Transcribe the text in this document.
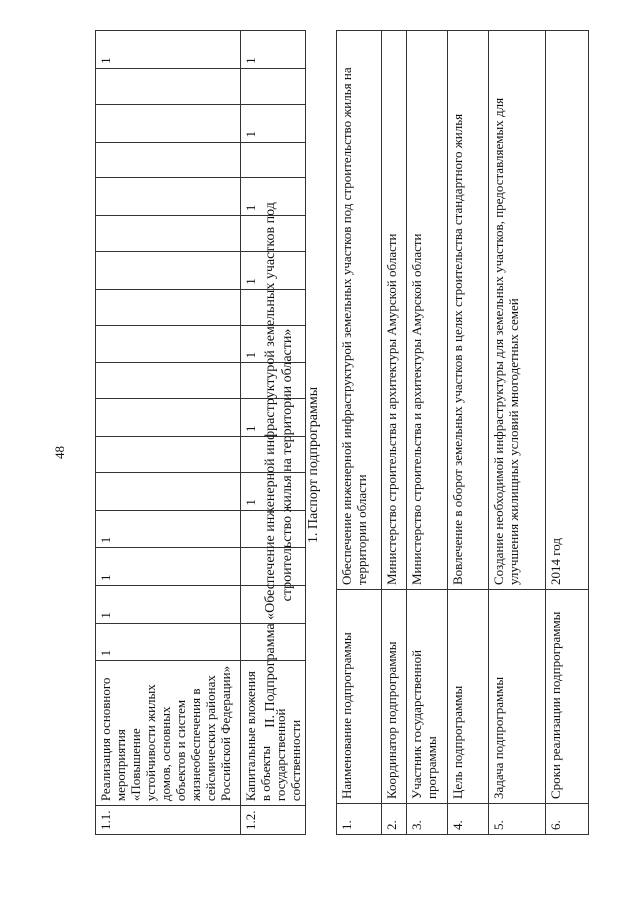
48
1.1.	Реализация основного мероприятия «Повышение устойчивости жилых домов, основных объектов и систем жизнеобеспечения в сейсмических районах Российской Федерации»	1	1	1	1													1
1.2.	Капитальные вложения в объекты государственной собственности					1		1		1		1		1		1		1
II. Подпрограмма «Обеспечение инженерной инфраструктурой земельных участков под строительство жилья на территории области» 1. Паспорт подпрограммы
1.	Наименование подпрограммы	Обеспечение инженерной инфраструктурой земельных участков под строительство жилья на территории области
2.	Координатор подпрограммы	Министерство строительства и архитектуры Амурской области
3.	Участник государственной программы	Министерство строительства и архитектуры Амурской области
4.	Цель подпрограммы	Вовлечение в оборот земельных участков в целях строительства стандартного жилья
5.	Задача подпрограммы	Создание необходимой инфраструктуры для земельных участков, предоставляемых для улучшения жилищных условий многодетных семей
6.	Сроки реализации подпрограммы	2014 год
